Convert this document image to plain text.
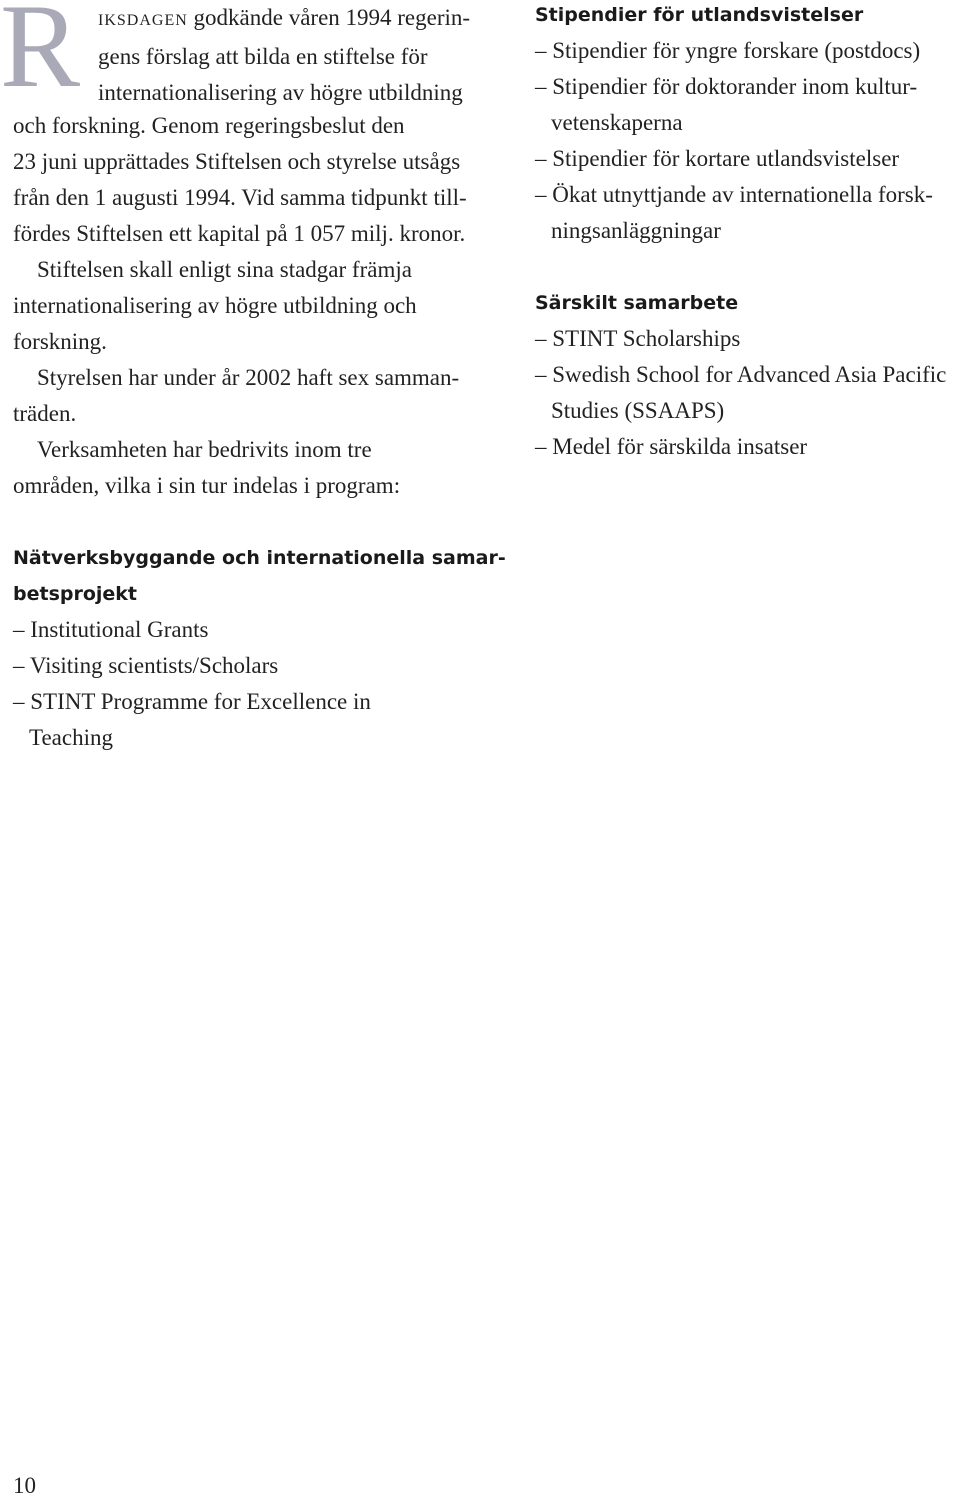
R IKSDAGEN godkände våren 1994 regerin-
gens förslag att bilda en stiftelse för
internationalisering av högre utbildning
och forskning. Genom regeringsbeslut den
23 juni upprättades Stiftelsen och styrelse utsågs
från den 1 augusti 1994. Vid samma tidpunkt till-
fördes Stiftelsen ett kapital på 1 057 milj. kronor.
Stiftelsen skall enligt sina stadgar främja
internationalisering av högre utbildning och
forskning.
Styrelsen har under år 2002 haft sex samman-
träden.
Verksamheten har bedrivits inom tre
områden, vilka i sin tur indelas i program:
Stipendier för utlandsvistelser
– Stipendier för yngre forskare (postdocs)
– Stipendier för doktorander inom kultur-
vetenskaperna
– Stipendier för kortare utlandsvistelser
– Ökat utnyttjande av internationella forsk-
ningsanläggningar
Särskilt samarbete
– STINT Scholarships
– Swedish School for Advanced Asia Pacific
Studies (SSAAPS)
– Medel för särskilda insatser
Nätverksbyggande och internationella samar-
betsprojekt
– Institutional Grants
– Visiting scientists/Scholars
– STINT Programme for Excellence in
Teaching
10
